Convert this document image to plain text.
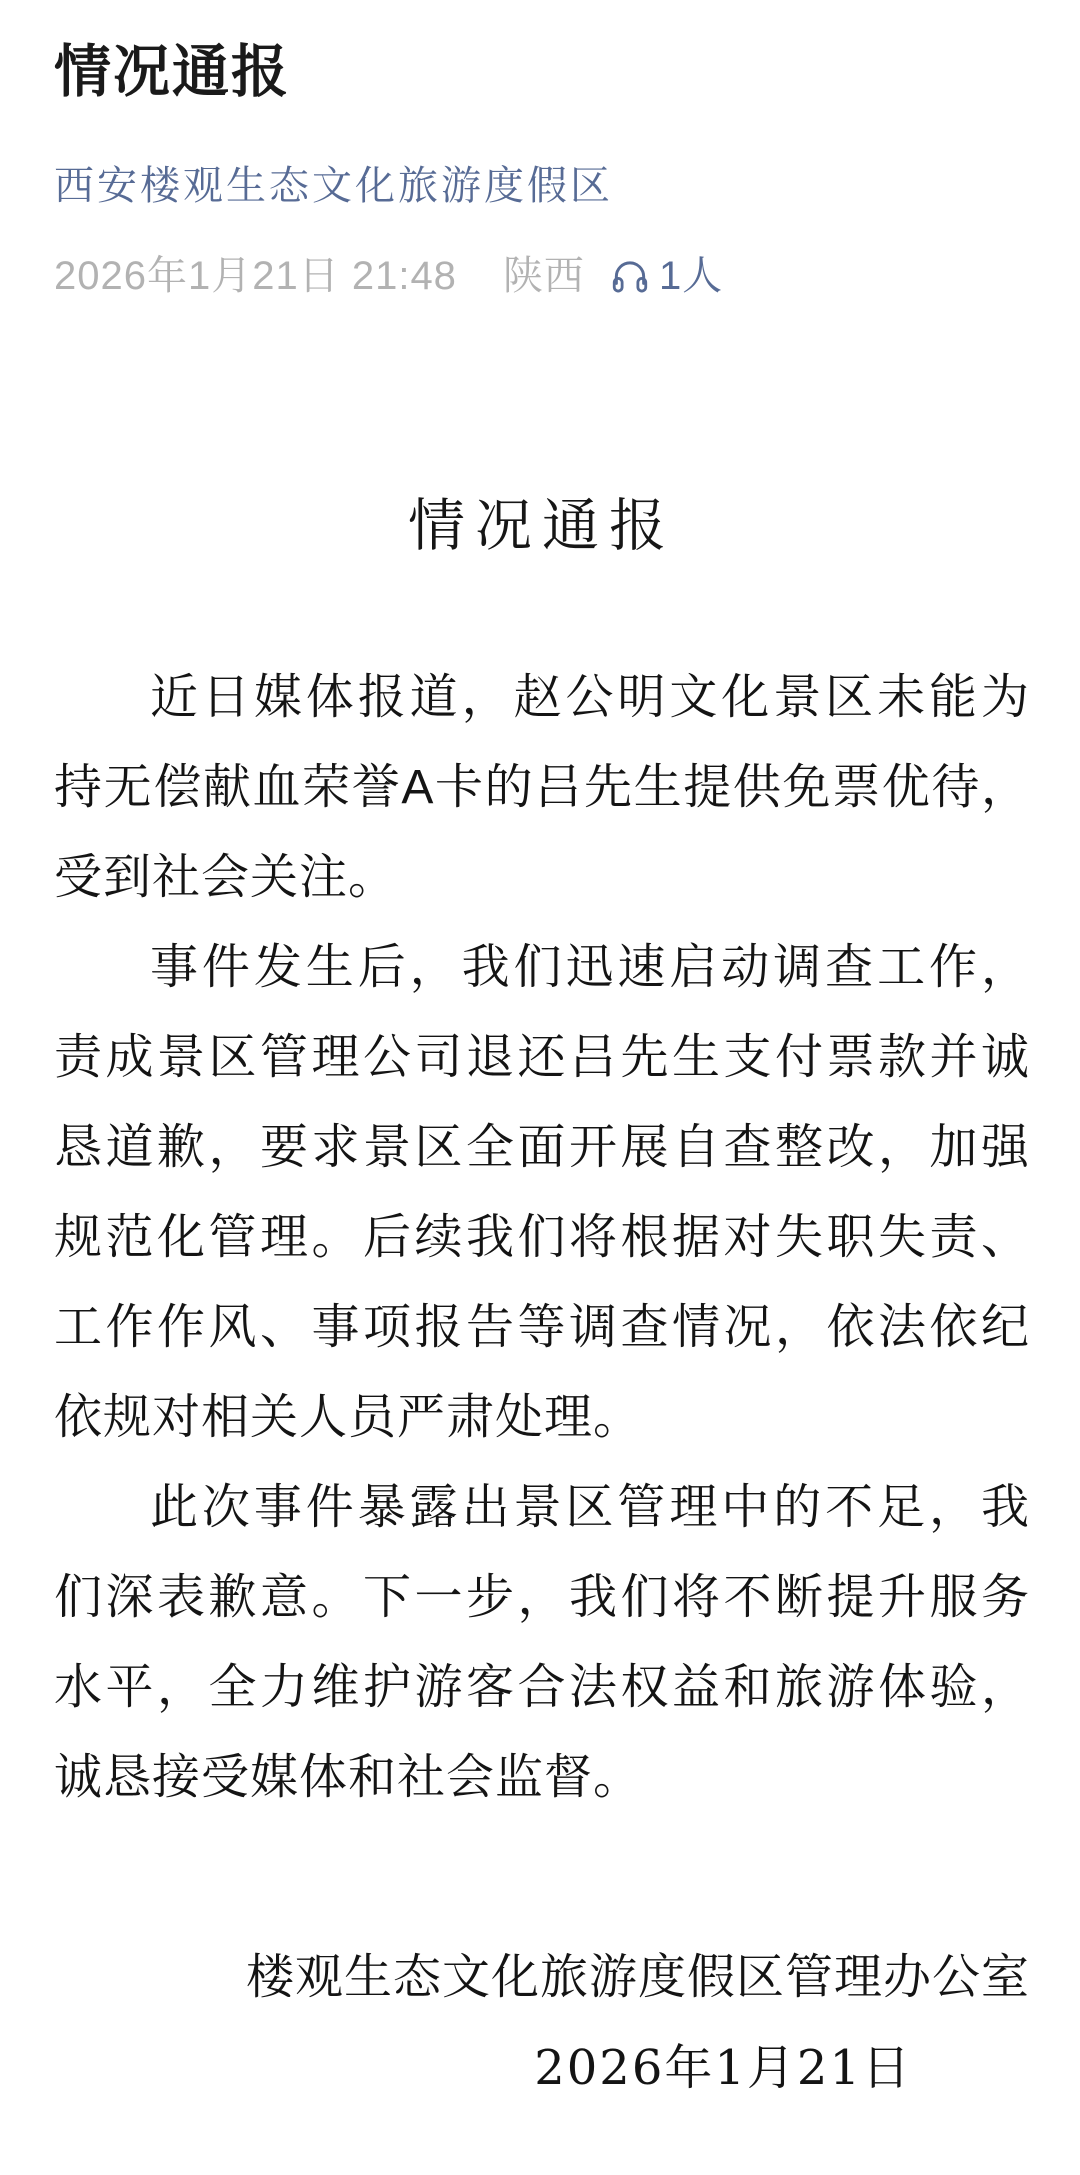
情况通报
西安楼观生态文化旅游度假区
2026年1月21日 21:48 陕西 1人
情况通报

近日媒体报道，赵公明文化景区未能为持无偿献血荣誉A卡的吕先生提供免票优待，受到社会关注。

事件发生后，我们迅速启动调查工作，责成景区管理公司退还吕先生支付票款并诚恳道歉，要求景区全面开展自查整改，加强规范化管理。后续我们将根据对失职失责、工作作风、事项报告等调查情况，依法依纪依规对相关人员严肃处理。

此次事件暴露出景区管理中的不足，我们深表歉意。下一步，我们将不断提升服务水平，全力维护游客合法权益和旅游体验，诚恳接受媒体和社会监督。

楼观生态文化旅游度假区管理办公室
2026年1月21日
